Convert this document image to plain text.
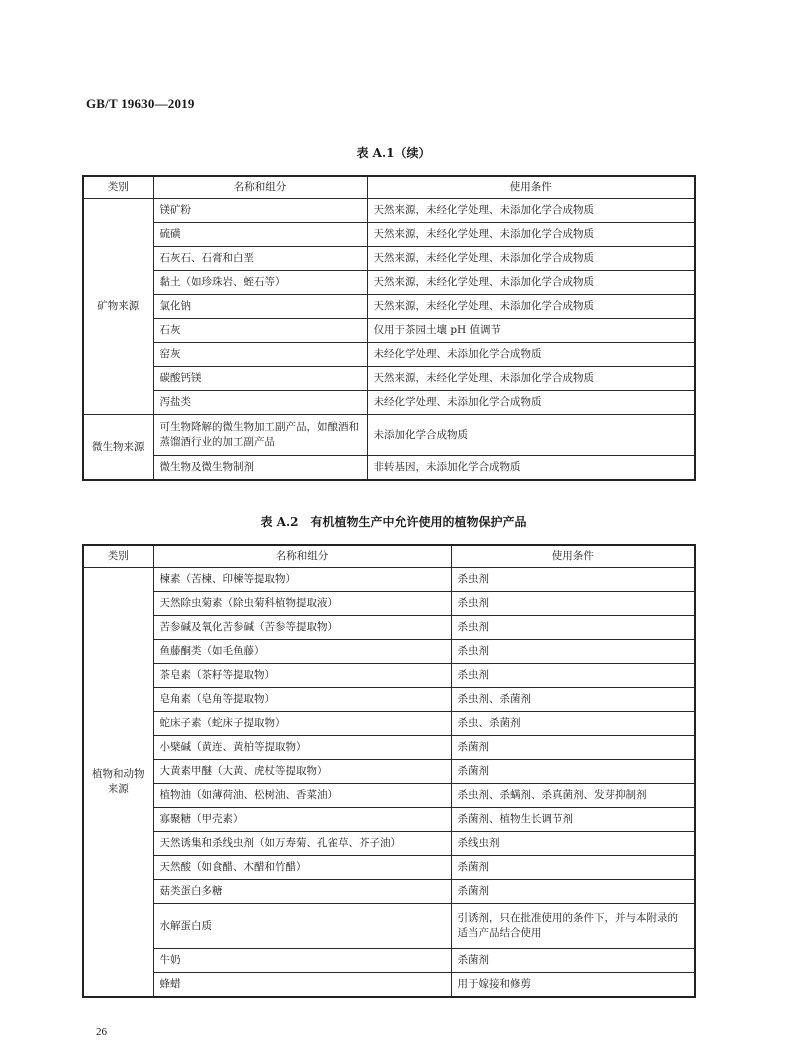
GB/T 19630—2019
表 A.1（续）
类别	名称和组分	使用条件
矿物来源	镁矿粉	天然来源，未经化学处理、未添加化学合成物质
	硫磺	天然来源，未经化学处理、未添加化学合成物质
	石灰石、石膏和白垩	天然来源，未经化学处理、未添加化学合成物质
	黏土（如珍珠岩、蛭石等）	天然来源，未经化学处理、未添加化学合成物质
	氯化钠	天然来源，未经化学处理、未添加化学合成物质
	石灰	仅用于茶园土壤 pH 值调节
	窑灰	未经化学处理、未添加化学合成物质
	碳酸钙镁	天然来源，未经化学处理、未添加化学合成物质
	泻盐类	未经化学处理、未添加化学合成物质
微生物来源	可生物降解的微生物加工副产品，如酿酒和蒸馏酒行业的加工副产品	未添加化学合成物质
	微生物及微生物制剂	非转基因，未添加化学合成物质
表 A.2　有机植物生产中允许使用的植物保护产品
类别	名称和组分	使用条件
植物和动物来源	楝素（苦楝、印楝等提取物）	杀虫剂
	天然除虫菊素（除虫菊科植物提取液）	杀虫剂
	苦参碱及氧化苦参碱（苦参等提取物）	杀虫剂
	鱼藤酮类（如毛鱼藤）	杀虫剂
	茶皂素（茶籽等提取物）	杀虫剂
	皂角素（皂角等提取物）	杀虫剂、杀菌剂
	蛇床子素（蛇床子提取物）	杀虫、杀菌剂
	小檗碱（黄连、黄柏等提取物）	杀菌剂
	大黄素甲醚（大黄、虎杖等提取物）	杀菌剂
	植物油（如薄荷油、松树油、香菜油）	杀虫剂、杀螨剂、杀真菌剂、发芽抑制剂
	寡聚糖（甲壳素）	杀菌剂、植物生长调节剂
	天然诱集和杀线虫剂（如万寿菊、孔雀草、芥子油）	杀线虫剂
	天然酸（如食醋、木醋和竹醋）	杀菌剂
	菇类蛋白多糖	杀菌剂
	水解蛋白质	引诱剂，只在批准使用的条件下，并与本附录的适当产品结合使用
	牛奶	杀菌剂
	蜂蜡	用于嫁接和修剪
26
